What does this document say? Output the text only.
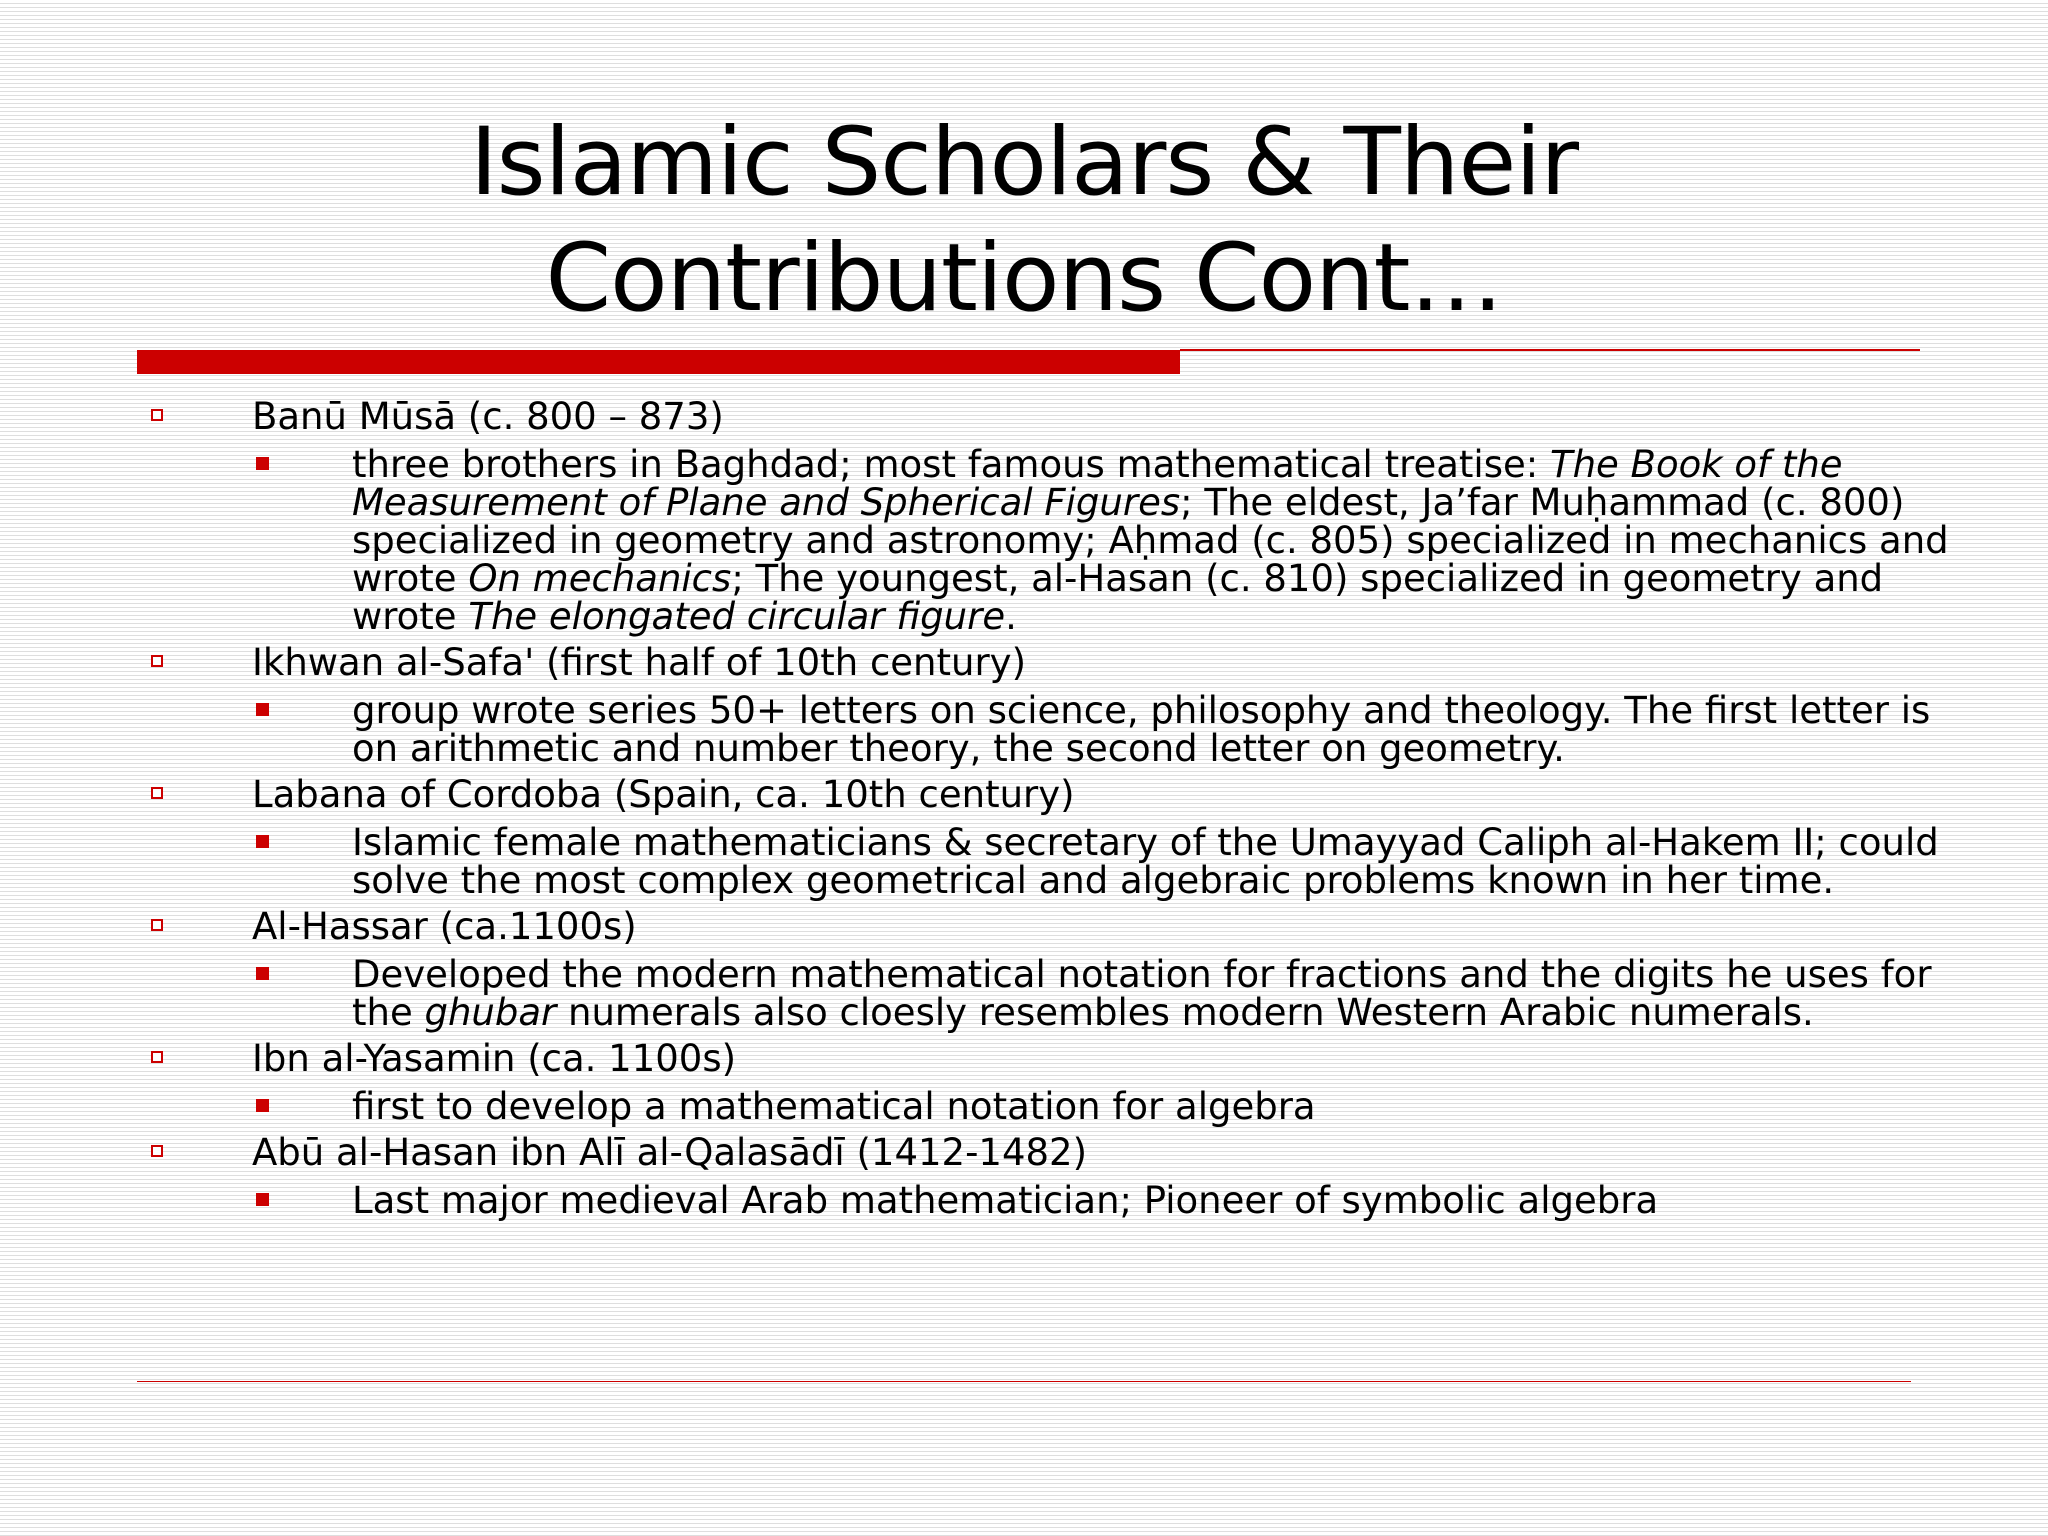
Islamic Scholars & Their
Contributions Cont…
Banū Mūsā (c. 800 – 873)
three brothers in Baghdad; most famous mathematical treatise: The Book of the Measurement of Plane and Spherical Figures; The eldest, Ja’far Muḥammad (c. 800) specialized in geometry and astronomy; Aḥmad (c. 805) specialized in mechanics and wrote On mechanics; The youngest, al-Hasan (c. 810) specialized in geometry and wrote The elongated circular figure.
Ikhwan al-Safa' (first half of 10th century)
group wrote series 50+ letters on science, philosophy and theology. The first letter is on arithmetic and number theory, the second letter on geometry.
Labana of Cordoba (Spain, ca. 10th century)
Islamic female mathematicians & secretary of the Umayyad Caliph al-Hakem II; could solve the most complex geometrical and algebraic problems known in her time.
Al-Hassar (ca.1100s)
Developed the modern mathematical notation for fractions and the digits he uses for the ghubar numerals also cloesly resembles modern Western Arabic numerals.
Ibn al-Yasamin (ca. 1100s)
first to develop a mathematical notation for algebra
Abū al-Hasan ibn Alī al-Qalasādī (1412-1482)
Last major medieval Arab mathematician; Pioneer of symbolic algebra
